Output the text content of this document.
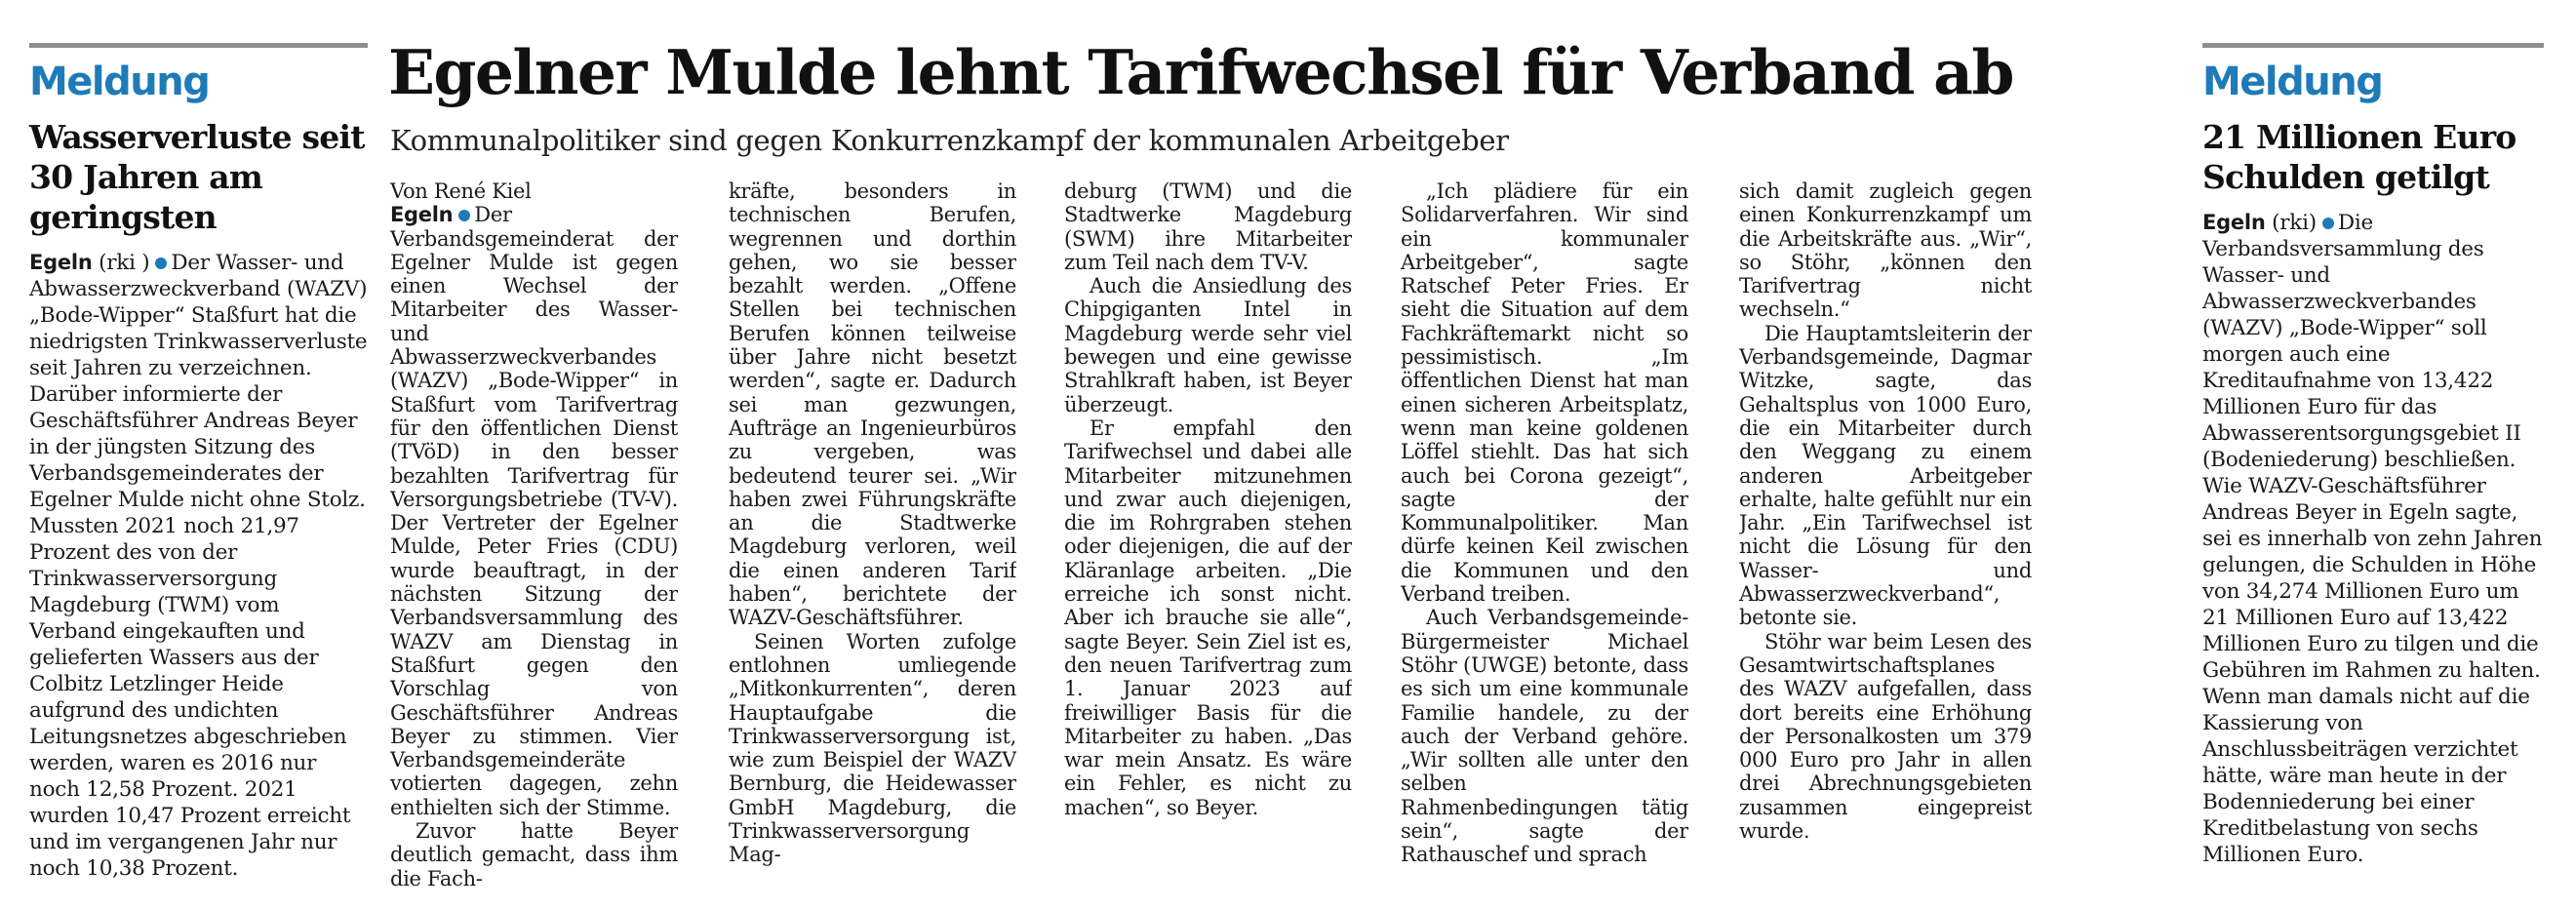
Meldung
Wasserverluste seit 30 Jahren am geringsten
Egeln (rki ) Der Wasser- und Abwasserzweckverband (WAZV)„Bode-Wipper“ Staßfurt hat die niedrigsten Trinkwasserverluste seit Jahren zu verzeichnen. Darüber informierte der Geschäftsführer Andreas Beyer in der jüngsten Sitzung des Verbandsgemeinderates der Egelner Mulde nicht ohne Stolz. Mussten 2021 noch 21,97 Prozent des von der Trinkwasserversorgung Magdeburg (TWM) vom Verband eingekauften und gelieferten Wassers aus der Colbitz Letzlinger Heide aufgrund des undichten Leitungsnetzes abgeschrieben werden, waren es 2016 nur noch 12,58 Prozent. 2021 wurden 10,47 Prozent erreicht und im vergangenen Jahr nur noch 10,38 Prozent.
Egelner Mulde lehnt Tarifwechsel für Verband ab
Kommunalpolitiker sind gegen Konkurrenzkampf der kommunalen Arbeitgeber

Von René Kiel

Egeln Der Verbandsgemeinderat der Egelner Mulde ist gegen einen Wechsel der Mitarbeiter des Wasser- und Abwasserzweckverbandes (WAZV) „Bode-Wipper“ in Staßfurt vom Tarifvertrag für den öffentlichen Dienst (TVöD) in den besser bezahlten Tarifvertrag für Versorgungsbetriebe (TV-V). Der Vertreter der Egelner Mulde, Peter Fries (CDU) wurde beauftragt, in der nächsten Sitzung der Verbandsversammlung des WAZV am Dienstag in Staßfurt gegen den Vorschlag von Geschäftsführer Andreas Beyer zu stimmen. Vier Verbandsgemeinderäte votierten dagegen, zehn enthielten sich der Stimme.

Zuvor hatte Beyer deutlich gemacht, dass ihm die Fach-

kräfte, besonders in technischen Berufen, wegrennen und dorthin gehen, wo sie besser bezahlt werden. „Offene Stellen bei technischen Berufen können teilweise über Jahre nicht besetzt werden“, sagte er. Dadurch sei man gezwungen, Aufträge an Ingenieurbüros zu vergeben, was bedeutend teurer sei. „Wir haben zwei Führungskräfte an die Stadtwerke Magdeburg verloren, weil die einen anderen Tarif haben“, berichtete der WAZV-Geschäftsführer.

Seinen Worten zufolge entlohnen umliegende „Mitkonkurrenten“, deren Hauptaufgabe die Trinkwasserversorgung ist, wie zum Beispiel der WAZV Bernburg, die Heidewasser GmbH Magdeburg, die Trinkwasserversorgung Mag-

deburg (TWM) und die Stadtwerke Magdeburg (SWM) ihre Mitarbeiter zum Teil nach dem TV-V.

Auch die Ansiedlung des Chipgiganten Intel in Magdeburg werde sehr viel bewegen und eine gewisse Strahlkraft haben, ist Beyer überzeugt.

Er empfahl den Tarifwechsel und dabei alle Mitarbeiter mitzunehmen und zwar auch diejenigen, die im Rohrgraben stehen oder diejenigen, die auf der Kläranlage arbeiten. „Die erreiche ich sonst nicht. Aber ich brauche sie alle“, sagte Beyer. Sein Ziel ist es, den neuen Tarifvertrag zum 1. Januar 2023 auf freiwilliger Basis für die Mitarbeiter zu haben. „Das war mein Ansatz. Es wäre ein Fehler, es nicht zu machen“, so Beyer.

„Ich plädiere für ein Solidarverfahren. Wir sind ein kommunaler Arbeitgeber“, sagte Ratschef Peter Fries. Er sieht die Situation auf dem Fachkräftemarkt nicht so pessimistisch. „Im öffentlichen Dienst hat man einen sicheren Arbeitsplatz, wenn man keine goldenen Löffel stiehlt. Das hat sich auch bei Corona gezeigt“, sagte der Kommunalpolitiker. Man dürfe keinen Keil zwischen die Kommunen und den Verband treiben.

Auch Verbandsgemeinde-Bürgermeister Michael Stöhr (UWGE) betonte, dass es sich um eine kommunale Familie handele, zu der auch der Verband gehöre. „Wir sollten alle unter den selben Rahmenbedingungen tätig sein“, sagte der Rathauschef und sprach

sich damit zugleich gegen einen Konkurrenzkampf um die Arbeitskräfte aus. „Wir“, so Stöhr, „können den Tarifvertrag nicht wechseln.“

Die Hauptamtsleiterin der Verbandsgemeinde, Dagmar Witzke, sagte, das Gehaltsplus von 1000 Euro, die ein Mitarbeiter durch den Weggang zu einem anderen Arbeitgeber erhalte, halte gefühlt nur ein Jahr. „Ein Tarifwechsel ist nicht die Lösung für den Wasser- und Abwasserzweckverband“, betonte sie.

Stöhr war beim Lesen des Gesamtwirtschaftsplanes des WAZV aufgefallen, dass dort bereits eine Erhöhung der Personalkosten um 379 000 Euro pro Jahr in allen drei Abrechnungsgebieten zusammen eingepreist wurde.

Meldung
21 Millionen Euro Schulden getilgt
Egeln (rki) Die Verbandsversammlung des Wasser- und Abwasserzweckverbandes (WAZV) „Bode-Wipper“ soll morgen auch eine Kreditaufnahme von 13,422 Millionen Euro für das Abwasserentsorgungsgebiet II (Bodeniederung) beschließen. Wie WAZV-Geschäftsführer Andreas Beyer in Egeln sagte, sei es innerhalb von zehn Jahren gelungen, die Schulden in Höhe von 34,274 Millionen Euro um 21 Millionen Euro auf 13,422 Millionen Euro zu tilgen und die Gebühren im Rahmen zu halten. Wenn man damals nicht auf die Kassierung von Anschlussbeiträgen verzichtet hätte, wäre man heute in der Bodenniederung bei einer Kreditbelastung von sechs Millionen Euro.
